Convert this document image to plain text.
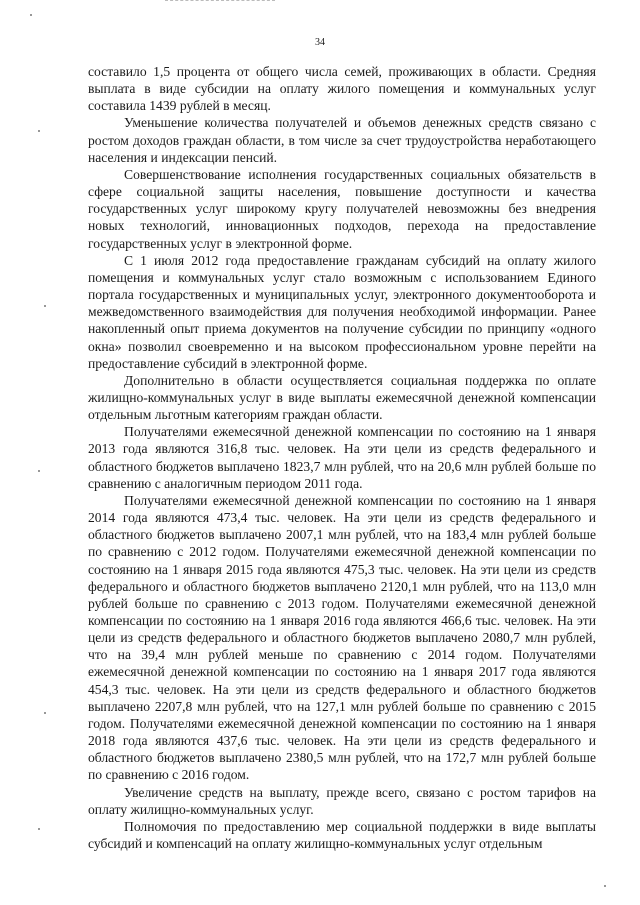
34

составило 1,5 процента от общего числа семей, проживающих в области. Средняя выплата в виде субсидии на оплату жилого помещения и коммунальных услуг составила 1439 рублей в месяц.

Уменьшение количества получателей и объемов денежных средств связано с ростом доходов граждан области, в том числе за счет трудоустройства неработающего населения и индексации пенсий.

Совершенствование исполнения государственных социальных обязательств в сфере социальной защиты населения, повышение доступности и качества государственных услуг широкому кругу получателей невозможны без внедрения новых технологий, инновационных подходов, перехода на предоставление государственных услуг в электронной форме.

С 1 июля 2012 года предоставление гражданам субсидий на оплату жилого помещения и коммунальных услуг стало возможным с использованием Единого портала государственных и муниципальных услуг, электронного документооборота и межведомственного взаимодействия для получения необходимой информации. Ранее накопленный опыт приема документов на получение субсидии по принципу «одного окна» позволил своевременно и на высоком профессиональном уровне перейти на предоставление субсидий в электронной форме.

Дополнительно в области осуществляется социальная поддержка по оплате жилищно-коммунальных услуг в виде выплаты ежемесячной денежной компенсации отдельным льготным категориям граждан области.

Получателями ежемесячной денежной компенсации по состоянию на 1 января 2013 года являются 316,8 тыс. человек. На эти цели из средств федерального и областного бюджетов выплачено 1823,7 млн рублей, что на 20,6 млн рублей больше по сравнению с аналогичным периодом 2011 года.

Получателями ежемесячной денежной компенсации по состоянию на 1 января 2014 года являются 473,4 тыс. человек. На эти цели из средств федерального и областного бюджетов выплачено 2007,1 млн рублей, что на 183,4 млн рублей больше по сравнению с 2012 годом. Получателями ежемесячной денежной компенсации по состоянию на 1 января 2015 года являются 475,3 тыс. человек. На эти цели из средств федерального и областного бюджетов выплачено 2120,1 млн рублей, что на 113,0 млн рублей больше по сравнению с 2013 годом. Получателями ежемесячной денежной компенсации по состоянию на 1 января 2016 года являются 466,6 тыс. человек. На эти цели из средств федерального и областного бюджетов выплачено 2080,7 млн рублей, что на 39,4 млн рублей меньше по сравнению с 2014 годом. Получателями ежемесячной денежной компенсации по состоянию на 1 января 2017 года являются 454,3 тыс. человек. На эти цели из средств федерального и областного бюджетов выплачено 2207,8 млн рублей, что на 127,1 млн рублей больше по сравнению с 2015 годом. Получателями ежемесячной денежной компенсации по состоянию на 1 января 2018 года являются 437,6 тыс. человек. На эти цели из средств федерального и областного бюджетов выплачено 2380,5 млн рублей, что на 172,7 млн рублей больше по сравнению с 2016 годом.

Увеличение средств на выплату, прежде всего, связано с ростом тарифов на оплату жилищно-коммунальных услуг.

Полномочия по предоставлению мер социальной поддержки в виде выплаты субсидий и компенсаций на оплату жилищно-коммунальных услуг отдельным
